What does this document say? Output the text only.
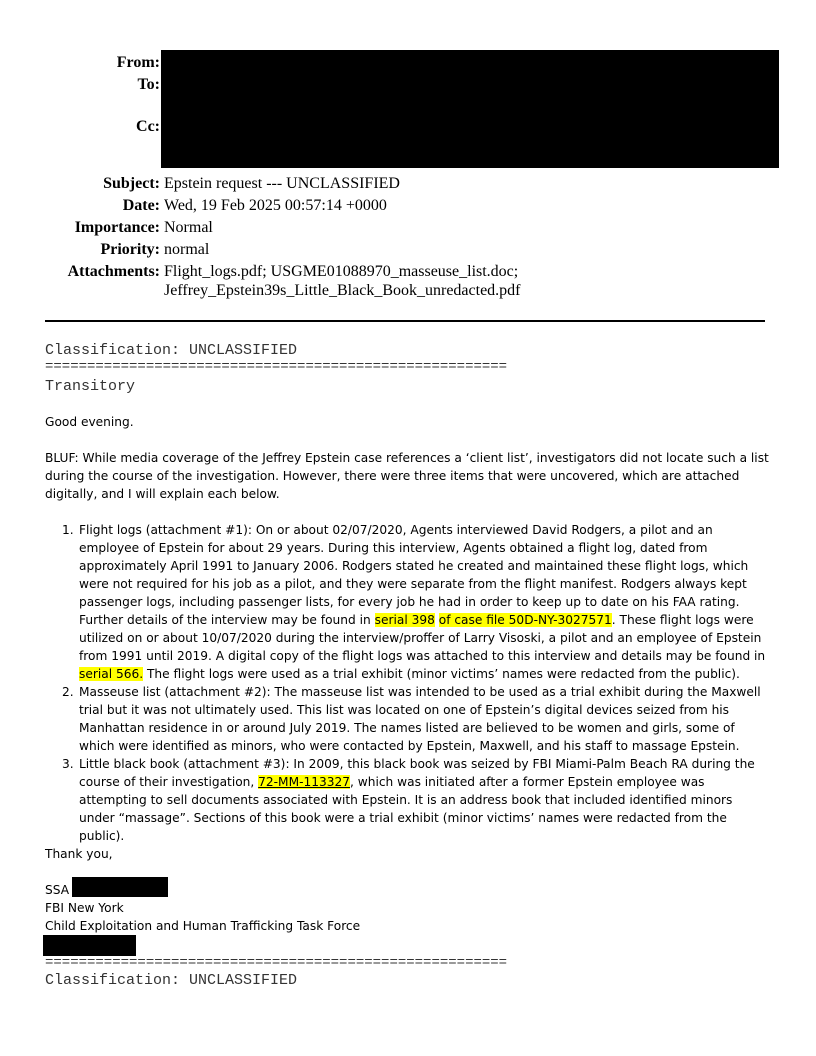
From:
To:
Cc:
Subject: Epstein request --- UNCLASSIFIED
Date: Wed, 19 Feb 2025 00:57:14 +0000
Importance: Normal
Priority: normal
Attachments: Flight_logs.pdf; USGME01088970_masseuse_list.doc;
Jeffrey_Epstein39s_Little_Black_Book_unredacted.pdf
Classification: UNCLASSIFIED
=======================================================
Transitory

Good evening.

BLUF: While media coverage of the Jeffrey Epstein case references a ‘client list’, investigators did not locate such a list during the course of the investigation. However, there were three items that were uncovered, which are attached digitally, and I will explain each below.

1. Flight logs (attachment #1): On or about 02/07/2020, Agents interviewed David Rodgers, a pilot and an employee of Epstein for about 29 years. During this interview, Agents obtained a flight log, dated from approximately April 1991 to January 2006. Rodgers stated he created and maintained these flight logs, which were not required for his job as a pilot, and they were separate from the flight manifest. Rodgers always kept passenger logs, including passenger lists, for every job he had in order to keep up to date on his FAA rating. Further details of the interview may be found in serial 398 of case file 50D-NY-3027571. These flight logs were utilized on or about 10/07/2020 during the interview/proffer of Larry Visoski, a pilot and an employee of Epstein from 1991 until 2019. A digital copy of the flight logs was attached to this interview and details may be found in serial 566. The flight logs were used as a trial exhibit (minor victims’ names were redacted from the public).
2. Masseuse list (attachment #2): The masseuse list was intended to be used as a trial exhibit during the Maxwell trial but it was not ultimately used. This list was located on one of Epstein’s digital devices seized from his Manhattan residence in or around July 2019. The names listed are believed to be women and girls, some of which were identified as minors, who were contacted by Epstein, Maxwell, and his staff to massage Epstein.
3. Little black book (attachment #3): In 2009, this black book was seized by FBI Miami-Palm Beach RA during the course of their investigation, 72-MM-113327, which was initiated after a former Epstein employee was attempting to sell documents associated with Epstein. It is an address book that included identified minors under “massage”. Sections of this book were a trial exhibit (minor victims’ names were redacted from the public).

Thank you,

SSA

FBI New York

Child Exploitation and Human Trafficking Task Force

=======================================================
Classification: UNCLASSIFIED
